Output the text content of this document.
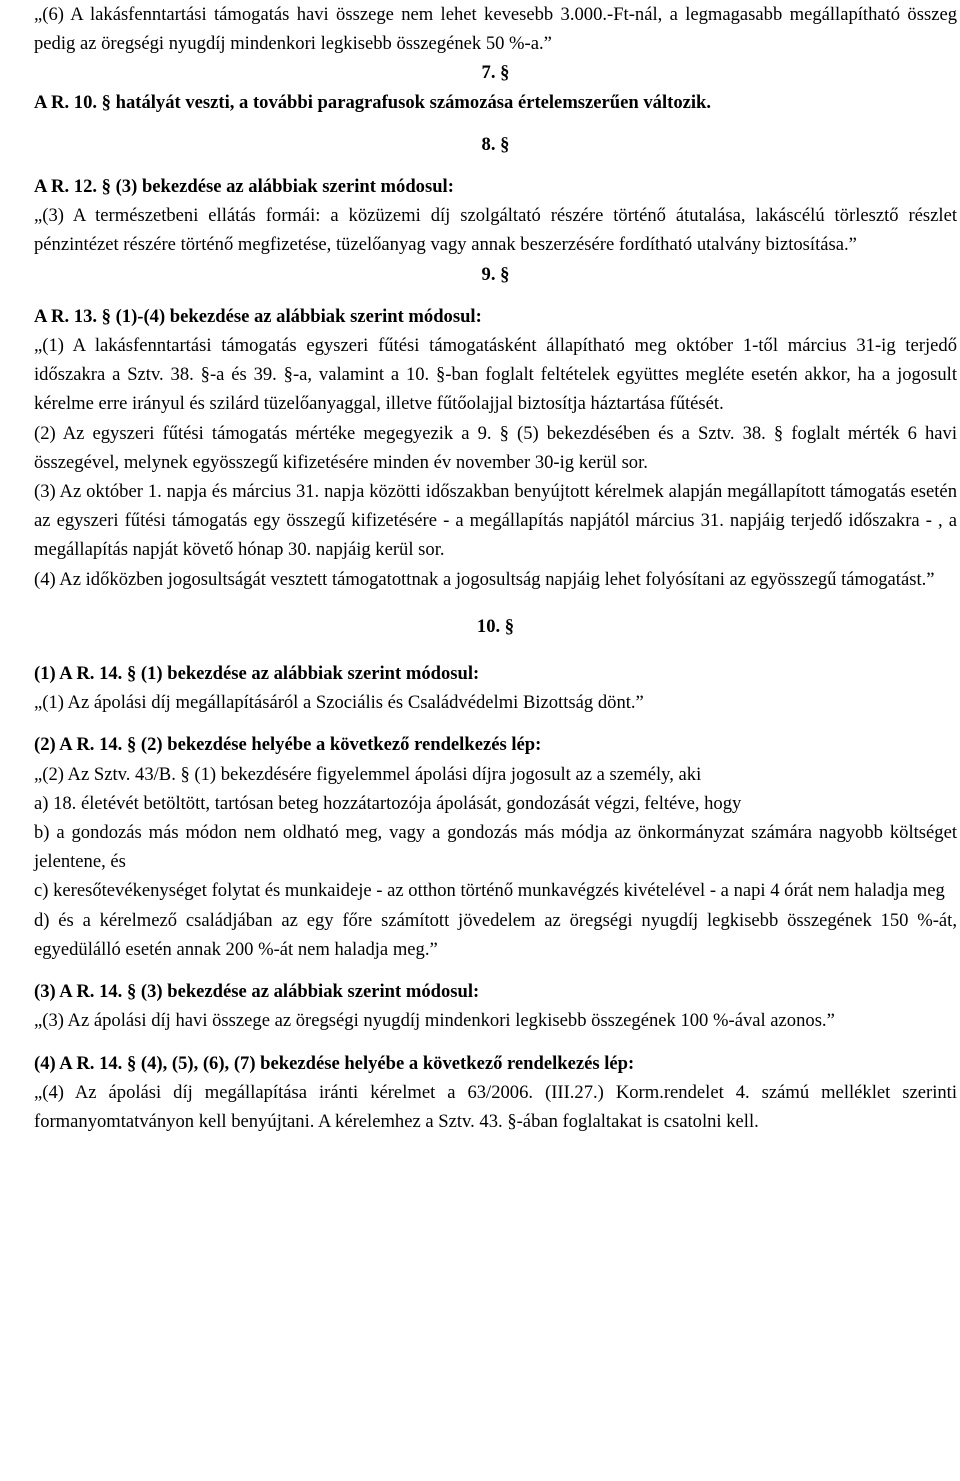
„(6) A lakásfenntartási támogatás havi összege nem lehet kevesebb 3.000.-Ft-nál, a legmagasabb megállapítható összeg pedig az öregségi nyugdíj mindenkori legkisebb összegének 50 %-a.”

7. §

A R. 10. § hatályát veszti, a további paragrafusok számozása értelemszerűen változik.

8. §

A R. 12. § (3) bekezdése az alábbiak szerint módosul:

„(3) A természetbeni ellátás formái: a közüzemi díj szolgáltató részére történő átutalása, lakáscélú törlesztő részlet pénzintézet részére történő megfizetése, tüzelőanyag vagy annak beszerzésére fordítható utalvány biztosítása.”

9. §

A R. 13. § (1)-(4) bekezdése az alábbiak szerint módosul:

„(1) A lakásfenntartási támogatás egyszeri fűtési támogatásként állapítható meg október 1-től március 31-ig terjedő időszakra a Sztv. 38. §-a és 39. §-a, valamint a 10. §-ban foglalt feltételek együttes megléte esetén akkor, ha a jogosult kérelme erre irányul és szilárd tüzelőanyaggal, illetve fűtőolajjal biztosítja háztartása fűtését.

(2) Az egyszeri fűtési támogatás mértéke megegyezik a 9. § (5) bekezdésében és a Sztv. 38. § foglalt mérték 6 havi összegével, melynek egyösszegű kifizetésére minden év november 30-ig kerül sor.

(3) Az október 1. napja és március 31. napja közötti időszakban benyújtott kérelmek alapján megállapított támogatás esetén az egyszeri fűtési támogatás egy összegű kifizetésére - a megállapítás napjától március 31. napjáig terjedő időszakra - , a megállapítás napját követő hónap 30. napjáig kerül sor.

(4) Az időközben jogosultságát vesztett támogatottnak a jogosultság napjáig lehet folyósítani az egyösszegű támogatást.”

10. §

(1) A R. 14. § (1) bekezdése az alábbiak szerint módosul:

„(1) Az ápolási díj megállapításáról a Szociális és Családvédelmi Bizottság dönt.”

(2) A R. 14. § (2) bekezdése helyébe a következő rendelkezés lép:

„(2) Az Sztv. 43/B. § (1) bekezdésére figyelemmel ápolási díjra jogosult az a személy, aki

a) 18. életévét betöltött, tartósan beteg hozzátartozója ápolását, gondozását végzi, feltéve, hogy

b) a gondozás más módon nem oldható meg, vagy a gondozás más módja az önkormányzat számára nagyobb költséget jelentene, és

c) keresőtevékenységet folytat és munkaideje - az otthon történő munkavégzés kivételével - a napi 4 órát nem haladja meg

d) és a kérelmező családjában az egy főre számított jövedelem az öregségi nyugdíj legkisebb összegének 150 %-át, egyedülálló esetén annak 200 %-át nem haladja meg.”

(3) A R. 14. § (3) bekezdése az alábbiak szerint módosul:

„(3) Az ápolási díj havi összege az öregségi nyugdíj mindenkori legkisebb összegének 100 %-ával azonos.”

(4) A R. 14. § (4), (5), (6), (7) bekezdése helyébe a következő rendelkezés lép:

„(4) Az ápolási díj megállapítása iránti kérelmet a 63/2006. (III.27.) Korm.rendelet 4. számú melléklet szerinti formanyomtatványon kell benyújtani. A kérelemhez a Sztv. 43. §-ában foglaltakat is csatolni kell.
